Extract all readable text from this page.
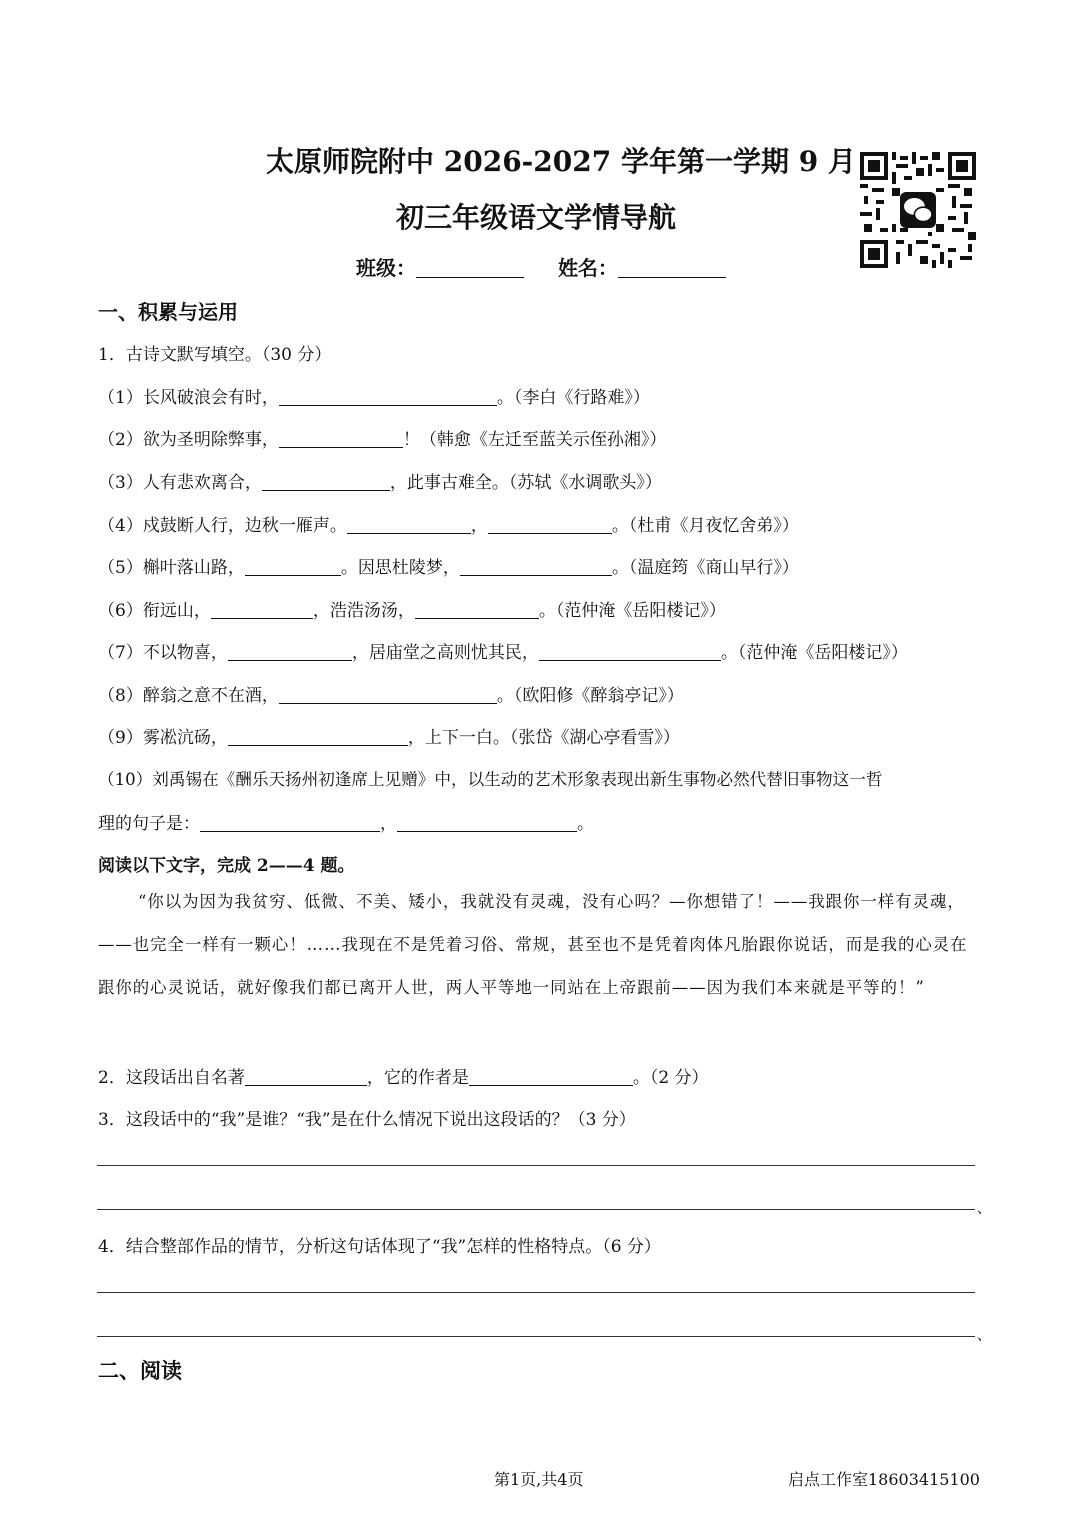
太原师院附中 2026-2027 学年第一学期 9 月
初三年级语文学情导航
班级：	姓名：
一、积累与运用
1．古诗文默写填空。（30 分）
（1）长风破浪会有时，	。（李白《行路难》）
（2）欲为圣明除弊事，	！（韩愈《左迁至蓝关示侄孙湘》）
（3）人有悲欢离合，	，此事古难全。（苏轼《水调歌头》）
（4）戍鼓断人行，边秋一雁声。	，	。（杜甫《月夜忆舍弟》）
（5）槲叶落山路，	。因思杜陵梦，	。（温庭筠《商山早行》）
（6）衔远山，	，浩浩汤汤，	。（范仲淹《岳阳楼记》）
（7）不以物喜，	，居庙堂之高则忧其民，	。（范仲淹《岳阳楼记》）
（8）醉翁之意不在酒，	。（欧阳修《醉翁亭记》）
（9）雾凇沆砀，	，上下一白。（张岱《湖心亭看雪》）
（10）刘禹锡在《酬乐天扬州初逢席上见赠》中，以生动的艺术形象表现出新生事物必然代替旧事物这一哲
理的句子是：	，	。
阅读以下文字，完成 2——4 题。
“你以为因为我贫穷、低微、不美、矮小，我就没有灵魂，没有心吗？—你想错了！——我跟你一样有灵魂，——也完全一样有一颗心！……我现在不是凭着习俗、常规，甚至也不是凭着肉体凡胎跟你说话，而是我的心灵在跟你的心灵说话，就好像我们都已离开人世，两人平等地一同站在上帝跟前——因为我们本来就是平等的！”
2．这段话出自名著	，它的作者是	。（2 分）
3．这段话中的“我”是谁？“我”是在什么情况下说出这段话的？（3 分）
、
4．结合整部作品的情节，分析这句话体现了“我”怎样的性格特点。（6 分）
、
二、阅读
第1页,共4页	启点工作室18603415100
